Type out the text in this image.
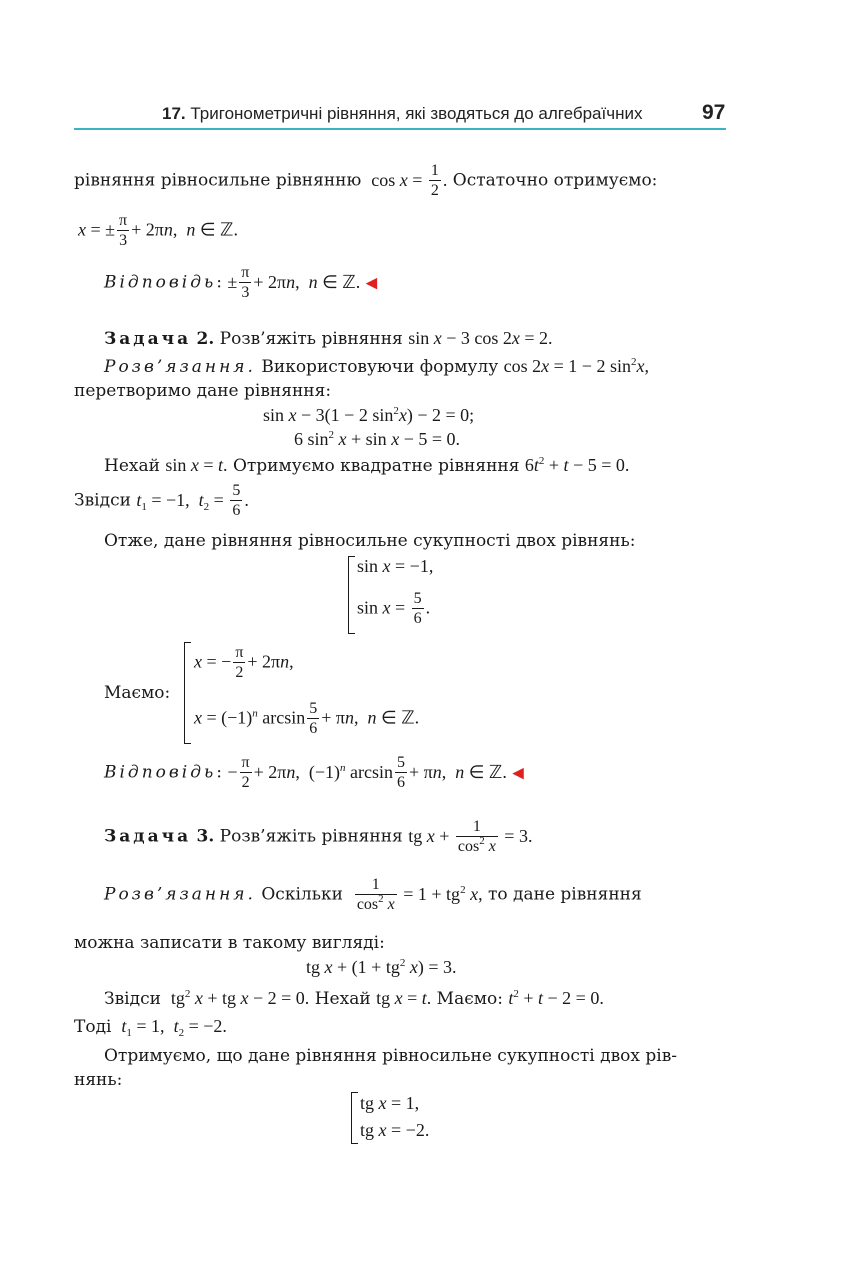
17. Тригонометричні рівняння, які зводяться до алгебраїчних	97
рівняння рівносильне рівнянню  $\cos x = \frac{1}{2}$ . Остаточно отримуємо:
x = ± $\frac{\pi}{3} + 2\pi n$,  n ∈ ℤ.
Відповідь: ± $\frac{\pi}{3} + 2\pi n$,  n ∈ ℤ. ◀
Задача 2. Розв’яжіть рівняння sin x − 3 cos 2x = 2.
Розв’язання. Використовуючи формулу cos 2x = 1 − 2 $\sin^2x$,
перетворимо дане рівняння:
sin x − 3(1 − 2 $\sin^2x) - 2 = 0$;
6 $\sin^2 x + \sin x - 5 = 0$.
Нехай sin x = t. Отримуємо квадратне рівняння $6t^2 + t - 5 = 0$.
Звідси $t_1 = -1$,  $t_2 = \frac{5}{6}$ .
Отже, дане рівняння рівносильне сукупності двох рівнянь:
sin x = −1,
$\sin x = \frac{5}{6}$ .
Маємо:
x = − $\frac{\pi}{2} + 2\pi n$,
$x = (-1)^n$ $\arcsin \frac{5}{6} + \pi n$,  n ∈ ℤ.
Відповідь: − $\frac{\pi}{2} + 2\pi n$,  $(-1)^n$ $\arcsin \frac{5}{6} + \pi n$,  n ∈ ℤ. ◀
Задача 3. Розв’яжіть рівняння tg $x + \frac{1}{\cos^2 x} = 3$.
Розв’язання. Оскільки $\frac{1}{\cos^2 x} = 1 + tg^2$ x, то дане рівняння
можна записати в такому вигляді:
tg $x + (1 + tg^2$ x) = 3.
Звідси  $tg^2$ x + tg x − 2 = 0. Нехай tg x = t. Маємо: $t^2 + t - 2 = 0$.
Тоді $t_1 = 1$,  $t_2 = -2$.
Отримуємо, що дане рівняння рівносильне сукупності двох рів-
нянь:
tg x = 1,
tg x = −2.
